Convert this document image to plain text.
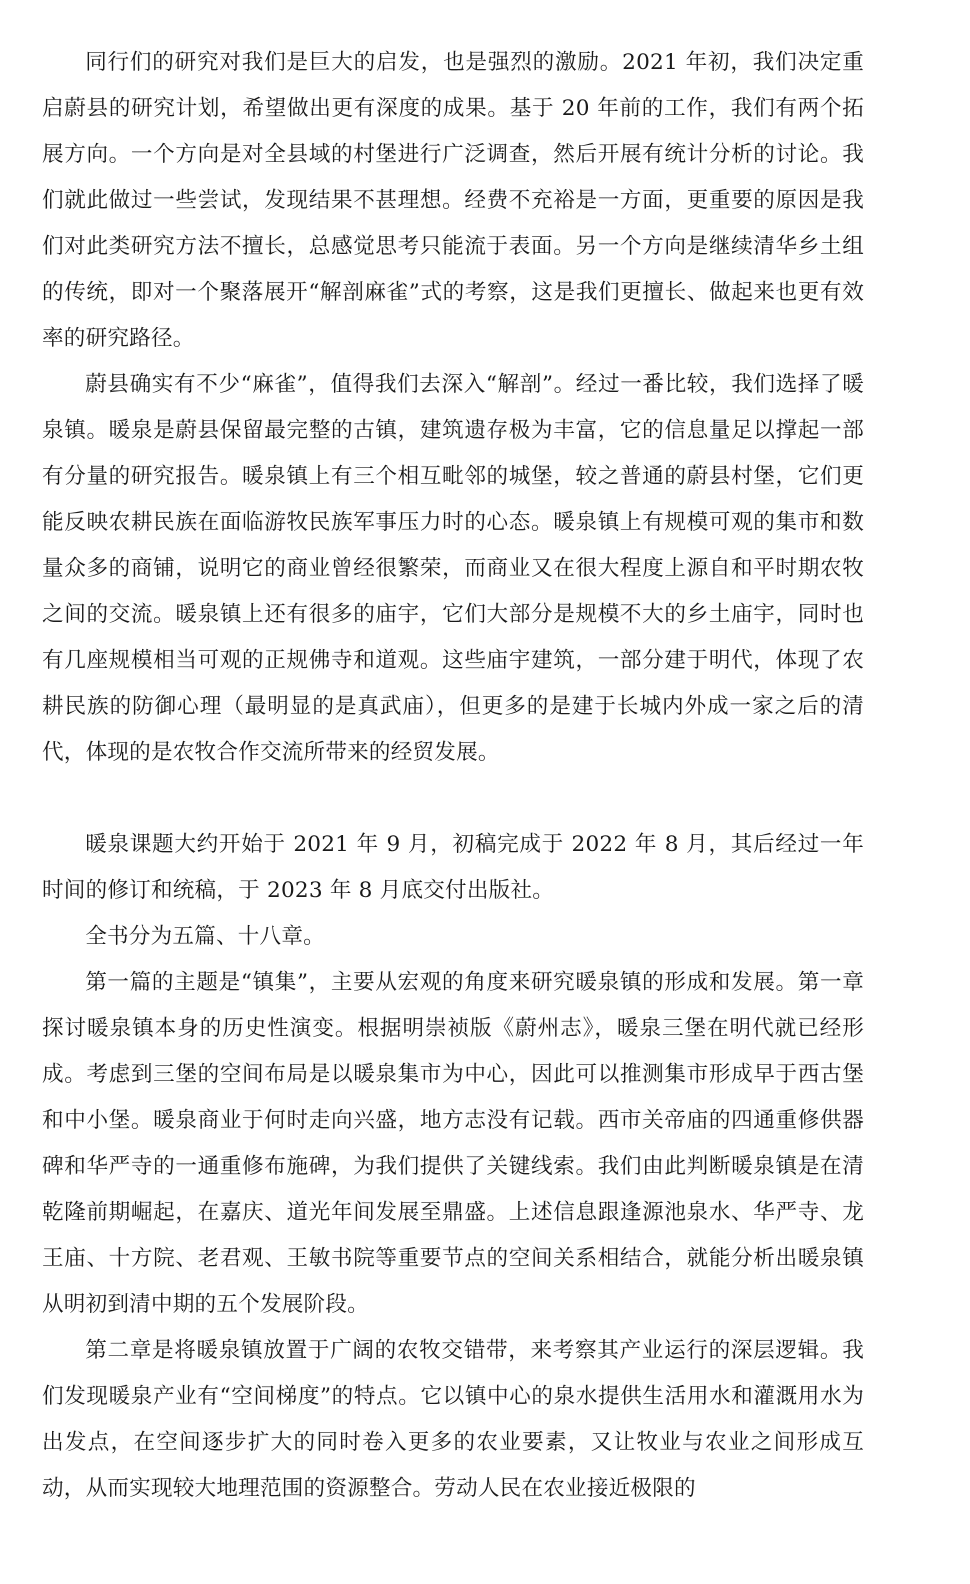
同行们的研究对我们是巨大的启发，也是强烈的激励。2021 年初，我们决定重启蔚县的研究计划，希望做出更有深度的成果。基于 20 年前的工作，我们有两个拓展方向。一个方向是对全县域的村堡进行广泛调查，然后开展有统计分析的讨论。我们就此做过一些尝试，发现结果不甚理想。经费不充裕是一方面，更重要的原因是我们对此类研究方法不擅长，总感觉思考只能流于表面。另一个方向是继续清华乡土组的传统，即对一个聚落展开“解剖麻雀”式的考察，这是我们更擅长、做起来也更有效率的研究路径。

蔚县确实有不少“麻雀”，值得我们去深入“解剖”。经过一番比较，我们选择了暖泉镇。暖泉是蔚县保留最完整的古镇，建筑遗存极为丰富，它的信息量足以撑起一部有分量的研究报告。暖泉镇上有三个相互毗邻的城堡，较之普通的蔚县村堡，它们更能反映农耕民族在面临游牧民族军事压力时的心态。暖泉镇上有规模可观的集市和数量众多的商铺，说明它的商业曾经很繁荣，而商业又在很大程度上源自和平时期农牧之间的交流。暖泉镇上还有很多的庙宇，它们大部分是规模不大的乡土庙宇，同时也有几座规模相当可观的正规佛寺和道观。这些庙宇建筑，一部分建于明代，体现了农耕民族的防御心理（最明显的是真武庙），但更多的是建于长城内外成一家之后的清代，体现的是农牧合作交流所带来的经贸发展。

暖泉课题大约开始于 2021 年 9 月，初稿完成于 2022 年 8 月，其后经过一年时间的修订和统稿，于 2023 年 8 月底交付出版社。

全书分为五篇、十八章。

第一篇的主题是“镇集”，主要从宏观的角度来研究暖泉镇的形成和发展。第一章探讨暖泉镇本身的历史性演变。根据明崇祯版《蔚州志》，暖泉三堡在明代就已经形成。考虑到三堡的空间布局是以暖泉集市为中心，因此可以推测集市形成早于西古堡和中小堡。暖泉商业于何时走向兴盛，地方志没有记载。西市关帝庙的四通重修供器碑和华严寺的一通重修布施碑，为我们提供了关键线索。我们由此判断暖泉镇是在清乾隆前期崛起，在嘉庆、道光年间发展至鼎盛。上述信息跟逢源池泉水、华严寺、龙王庙、十方院、老君观、王敏书院等重要节点的空间关系相结合，就能分析出暖泉镇从明初到清中期的五个发展阶段。

第二章是将暖泉镇放置于广阔的农牧交错带，来考察其产业运行的深层逻辑。我们发现暖泉产业有“空间梯度”的特点。它以镇中心的泉水提供生活用水和灌溉用水为出发点，在空间逐步扩大的同时卷入更多的农业要素，又让牧业与农业之间形成互动，从而实现较大地理范围的资源整合。劳动人民在农业接近极限的
